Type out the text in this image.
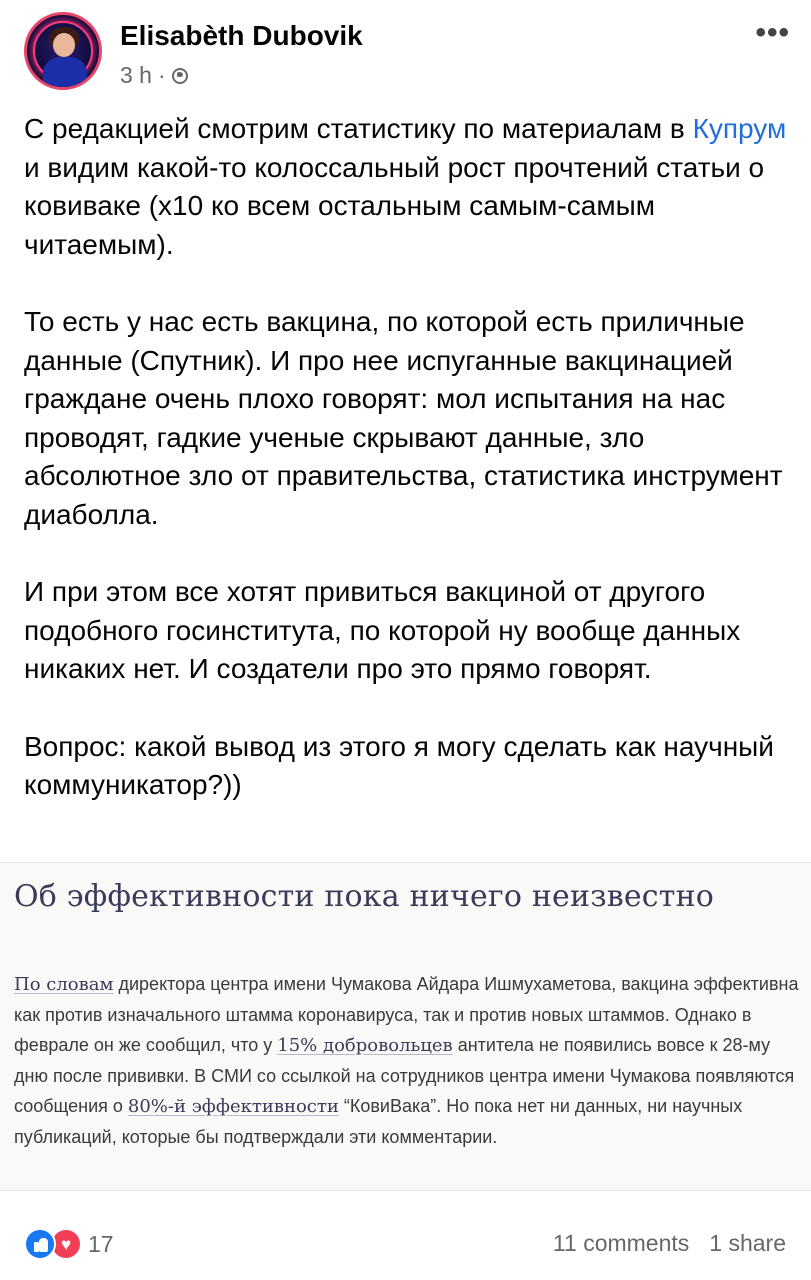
Elisabèth Dubovik
3 h ·
•••

С редакцией смотрим статистику по материалам в Купрум и видим какой-то колоссальный рост прочтений статьи о ковиваке (х10 ко всем остальным самым-самым читаемым).

То есть у нас есть вакцина, по которой есть приличные данные (Спутник). И про нее испуганные вакцинацией граждане очень плохо говорят: мол испытания на нас проводят, гадкие ученые скрывают данные, зло абсолютное зло от правительства, статистика инструмент диаболла.

И при этом все хотят привиться вакциной от другого подобного госинститута, по которой ну вообще данных никаких нет. И создатели про это прямо говорят.

Вопрос: какой вывод из этого я могу сделать как научный коммуникатор?))

Об эффективности пока ничего неизвестно
По словам директора центра имени Чумакова Айдара Ишмухаметова, вакцина эффективна как против изначального штамма коронавируса, так и против новых штаммов. Однако в феврале он же сообщил, что у 15% добровольцев антитела не появились вовсе к 28-му дню после прививки. В СМИ со ссылкой на сотрудников центра имени Чумакова появляются сообщения о 80%-й эффективности “КовиВака”. Но пока нет ни данных, ни научных публикаций, которые бы подтверждали эти комментарии.
♥ 17	11 comments 1 share
